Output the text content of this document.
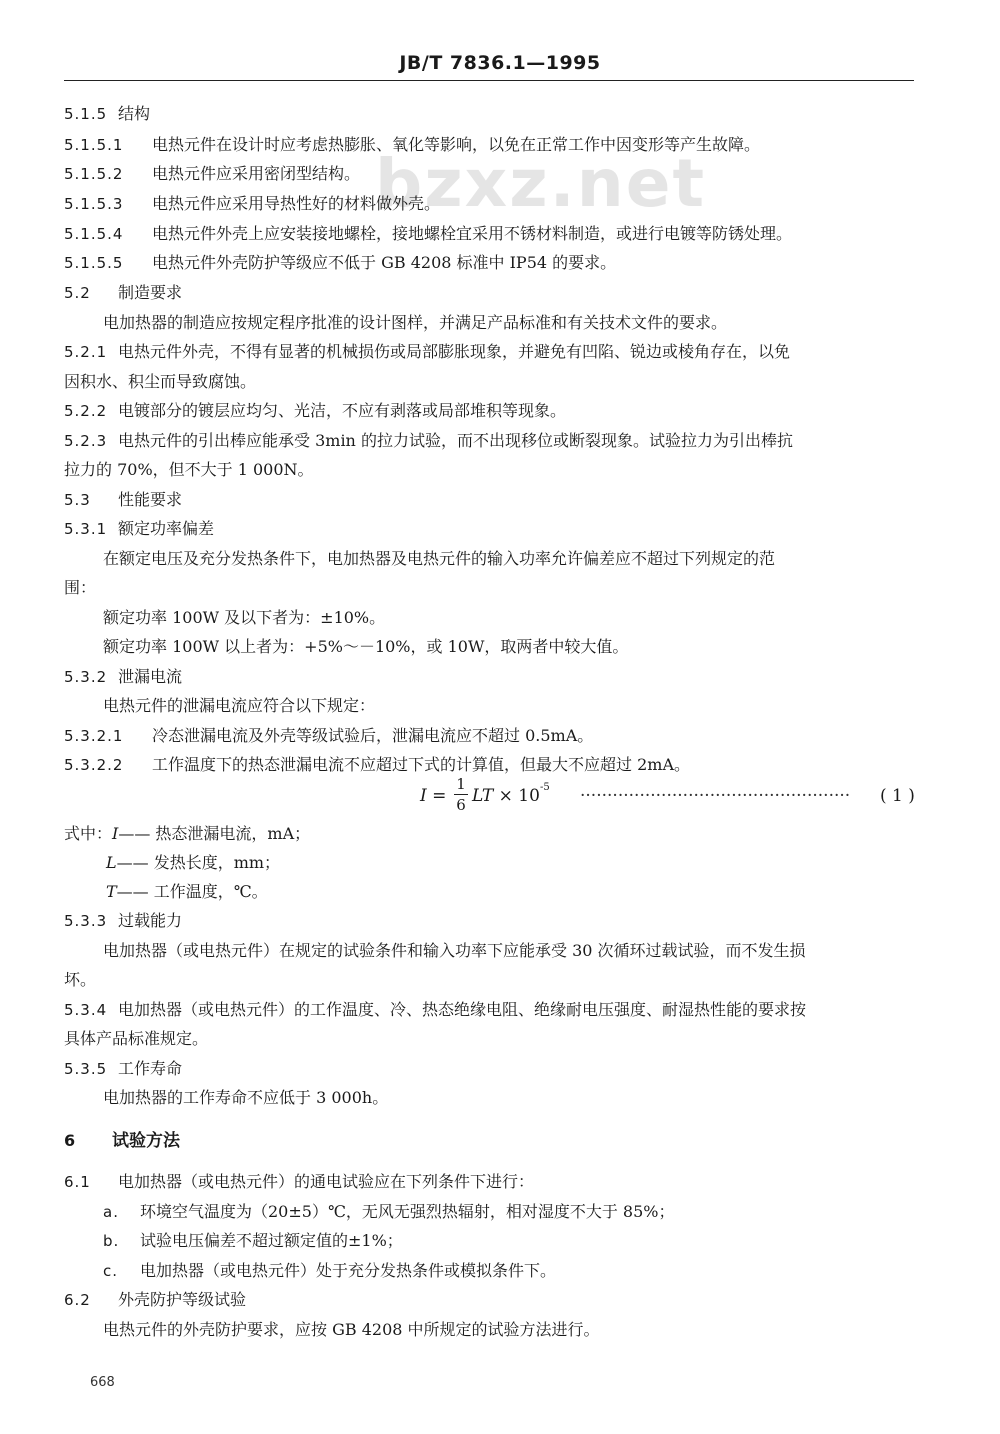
bzxz.net
JB/T 7836.1—1995
5.1.5 结构
5.1.5.1 电热元件在设计时应考虑热膨胀、氧化等影响，以免在正常工作中因变形等产生故障。
5.1.5.2 电热元件应采用密闭型结构。
5.1.5.3 电热元件应采用导热性好的材料做外壳。
5.1.5.4 电热元件外壳上应安装接地螺栓，接地螺栓宜采用不锈材料制造，或进行电镀等防锈处理。
5.1.5.5 电热元件外壳防护等级应不低于 GB 4208 标准中 IP54 的要求。
5.2 制造要求
电加热器的制造应按规定程序批准的设计图样，并满足产品标准和有关技术文件的要求。
5.2.1 电热元件外壳，不得有显著的机械损伤或局部膨胀现象，并避免有凹陷、锐边或棱角存在，以免
因积水、积尘而导致腐蚀。
5.2.2 电镀部分的镀层应均匀、光洁，不应有剥落或局部堆积等现象。
5.2.3 电热元件的引出棒应能承受 3min 的拉力试验，而不出现移位或断裂现象。试验拉力为引出棒抗
拉力的 70%，但不大于 1 000N。
5.3 性能要求
5.3.1 额定功率偏差
在额定电压及充分发热条件下，电加热器及电热元件的输入功率允许偏差应不超过下列规定的范
围：
额定功率 100W 及以下者为：±10%。
额定功率 100W 以上者为：+5%～－10%，或 10W，取两者中较大值。
5.3.2 泄漏电流
电热元件的泄漏电流应符合以下规定：
5.3.2.1 冷态泄漏电流及外壳等级试验后，泄漏电流应不超过 0.5mA。
5.3.2.2 工作温度下的热态泄漏电流不应超过下式的计算值，但最大不应超过 2mA。
I =
1
6 LT × $10^{-5}$ ··················································	( 1 )
式中：I—— 热态泄漏电流，mA；
L—— 发热长度，mm；
T—— 工作温度，℃。
5.3.3 过载能力
电加热器（或电热元件）在规定的试验条件和输入功率下应能承受 30 次循环过载试验，而不发生损
坏。
5.3.4 电加热器（或电热元件）的工作温度、冷、热态绝缘电阻、绝缘耐电压强度、耐湿热性能的要求按
具体产品标准规定。
5.3.5 工作寿命
电加热器的工作寿命不应低于 3 000h。
6 试验方法
6.1 电加热器（或电热元件）的通电试验应在下列条件下进行：
a. 环境空气温度为（20±5）℃，无风无强烈热辐射，相对湿度不大于 85%；
b. 试验电压偏差不超过额定值的±1%；
c. 电加热器（或电热元件）处于充分发热条件或模拟条件下。
6.2 外壳防护等级试验
电热元件的外壳防护要求，应按 GB 4208 中所规定的试验方法进行。
668
